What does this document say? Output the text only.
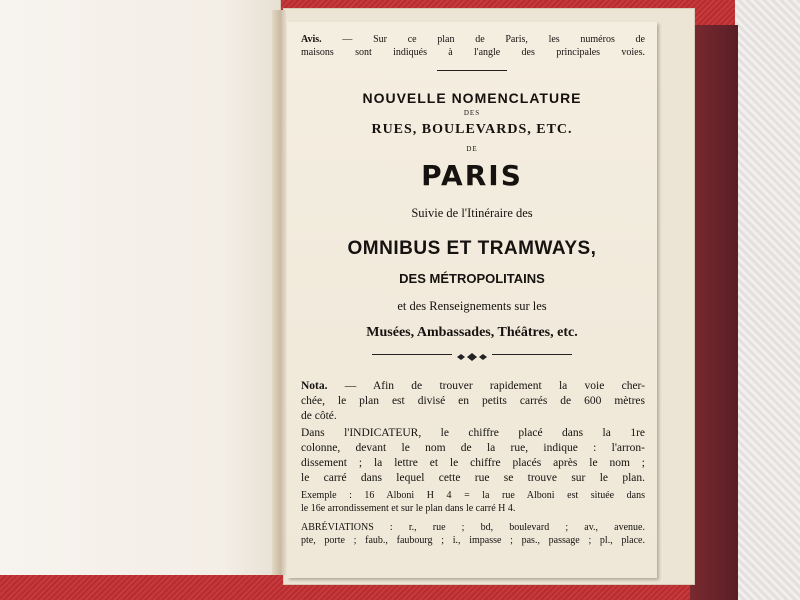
Avis. — Sur ce plan de Paris, les numéros de
maisons sont indiqués à l'angle des principales voies.
NOUVELLE NOMENCLATURE
DES
RUES, BOULEVARDS, ETC.
DE
PARIS
Suivie de l'Itinéraire des
OMNIBUS ET TRAMWAYS,
DES MÉTROPOLITAINS
et des Renseignements sur les
Musées, Ambassades, Théâtres, etc.
Nota. — Afin de trouver rapidement la voie cher-
chée, le plan est divisé en petits carrés de 600 mètres
de côté.
Dans l'INDICATEUR, le chiffre placé dans la 1re
colonne, devant le nom de la rue, indique : l'arron-
dissement ; la lettre et le chiffre placés après le nom ;
le carré dans lequel cette rue se trouve sur le plan.
Exemple : 16 Alboni H 4 = la rue Alboni est située dans
le 16e arrondissement et sur le plan dans le carré H 4.
ABRÉVIATIONS : r., rue ; bd, boulevard ; av., avenue.
pte, porte ; faub., faubourg ; i., impasse ; pas., passage ; pl., place.
